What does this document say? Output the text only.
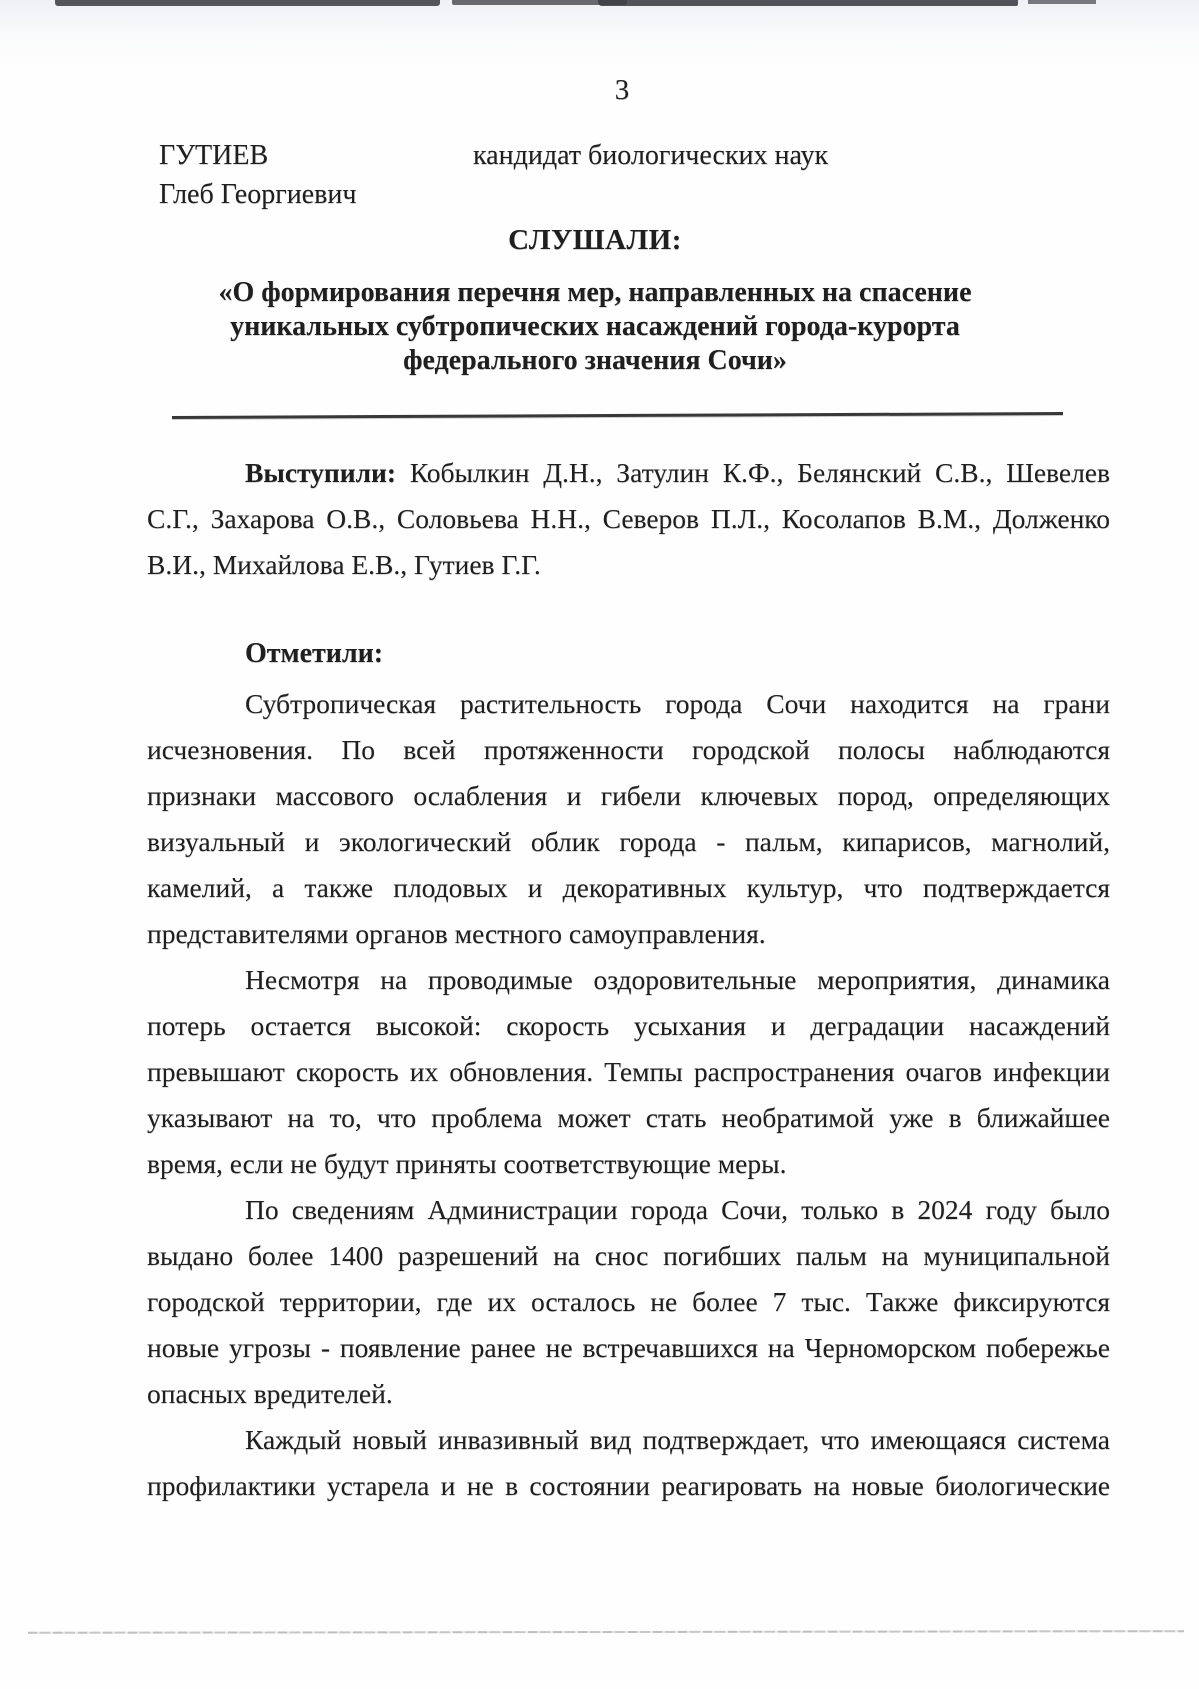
3
ГУТИЕВ
Глеб Георгиевич
кандидат биологических наук
СЛУШАЛИ:
«О формирования перечня мер, направленных на спасение
уникальных субтропических насаждений города-курорта
федерального значения Сочи»
Выступили: Кобылкин Д.Н., Затулин К.Ф., Белянский С.В., Шевелев
С.Г., Захарова О.В., Соловьева Н.Н., Северов П.Л., Косолапов В.М., Долженко
В.И., Михайлова Е.В., Гутиев Г.Г.
Отметили:
Субтропическая растительность города Сочи находится на грани
исчезновения. По всей протяженности городской полосы наблюдаются
признаки массового ослабления и гибели ключевых пород, определяющих
визуальный и экологический облик города - пальм, кипарисов, магнолий,
камелий, а также плодовых и декоративных культур, что подтверждается
представителями органов местного самоуправления.
Несмотря на проводимые оздоровительные мероприятия, динамика
потерь остается высокой: скорость усыхания и деградации насаждений
превышают скорость их обновления. Темпы распространения очагов инфекции
указывают на то, что проблема может стать необратимой уже в ближайшее
время, если не будут приняты соответствующие меры.
По сведениям Администрации города Сочи, только в 2024 году было
выдано более 1400 разрешений на снос погибших пальм на муниципальной
городской территории, где их осталось не более 7 тыс. Также фиксируются
новые угрозы - появление ранее не встречавшихся на Черноморском побережье
опасных вредителей.
Каждый новый инвазивный вид подтверждает, что имеющаяся система
профилактики устарела и не в состоянии реагировать на новые биологические
